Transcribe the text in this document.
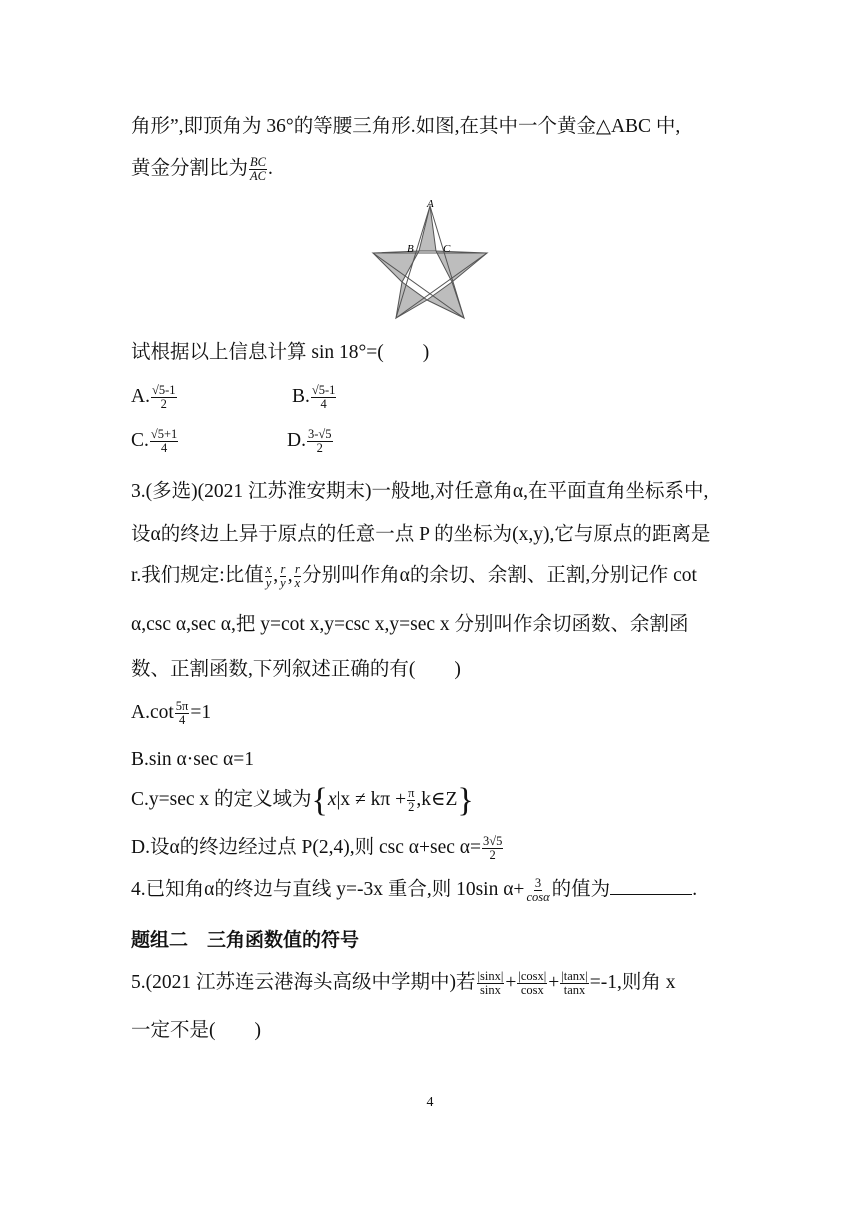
角形”,即顶角为 36°的等腰三角形.如图,在其中一个黄金△ABC 中,
黄金分割比为 $\frac{BC}{AC}$ .
A
B	C
试根据以上信息计算 sin 18°=(　　)
A. $\frac{√5-1}{2}$	B. $\frac{√5-1}{4}$
C. $\frac{√5+1}{4}$	D. $\frac{3-√5}{2}$
3.(多选)(2021 江苏淮安期末)一般地,对任意角α,在平面直角坐标系中,
设α的终边上异于原点的任意一点 P 的坐标为(x,y),它与原点的距离是
r.我们规定:比值 $\frac{x}{y}$ , $\frac{r}{y}$ , $\frac{r}{x}$ 分别叫作角α的余切、余割、正割,分别记作 cot
α,csc α,sec α,把 y=cot x,y=csc x,y=sec x 分别叫作余切函数、余割函
数、正割函数,下列叙述正确的有(　　)
$A.\cot \frac{5\pi}{4} =1$
B.sin α·sec α=1
C.y=sec x 的定义域为{$x|x \ne k\pi + \frac{\pi}{2}$ ,k∈Z}
D.设α的终边经过点 P(2,4),则 csc α+sec $\alpha= \frac{3√5}{2}$
4.已知角α的终边与直线 y=-3x 重合,则 10sin $\alpha+ \frac{3}{\cos\alpha}$ 的值为	.
题组二　三角函数值的符号
5.(2021 江苏连云港海头高级中学期中)若 $\frac{|\sin x|}{\sin x} + \frac{|\cos x|}{\cos x} + \frac{|\tan x|}{\tan x} =-1$,则角 x
一定不是(　　)
4
